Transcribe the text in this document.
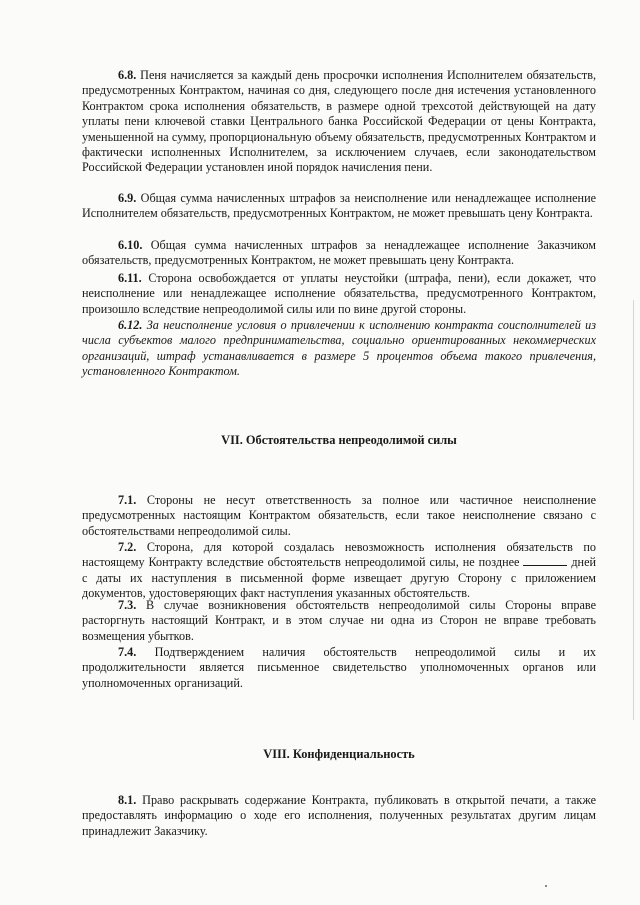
6.8. Пеня начисляется за каждый день просрочки исполнения Исполнителем обязательств, предусмотренных Контрактом, начиная со дня, следующего после дня истечения установленного Контрактом срока исполнения обязательств, в размере одной трехсотой действующей на дату уплаты пени ключевой ставки Центрального банка Российской Федерации от цены Контракта, уменьшенной на сумму, пропорциональную объему обязательств, предусмотренных Контрактом и фактически исполненных Исполнителем, за исключением случаев, если законодательством Российской Федерации установлен иной порядок начисления пени.

6.9. Общая сумма начисленных штрафов за неисполнение или ненадлежащее исполнение Исполнителем обязательств, предусмотренных Контрактом, не может превышать цену Контракта.

6.10. Общая сумма начисленных штрафов за ненадлежащее исполнение Заказчиком обязательств, предусмотренных Контрактом, не может превышать цену Контракта.

6.11. Сторона освобождается от уплаты неустойки (штрафа, пени), если докажет, что неисполнение или ненадлежащее исполнение обязательства, предусмотренного Контрактом, произошло вследствие непреодолимой силы или по вине другой стороны.

6.12. За неисполнение условия о привлечении к исполнению контракта соисполнителей из числа субъектов малого предпринимательства, социально ориентированных некоммерческих организаций, штраф устанавливается в размере 5 процентов объема такого привлечения, установленного Контрактом.

VII. Обстоятельства непреодолимой силы

7.1. Стороны не несут ответственность за полное или частичное неисполнение предусмотренных настоящим Контрактом обязательств, если такое неисполнение связано с обстоятельствами непреодолимой силы.

7.2. Сторона, для которой создалась невозможность исполнения обязательств по настоящему Контракту вследствие обстоятельств непреодолимой силы, не позднее	дней с даты их наступления в письменной форме извещает другую Сторону с приложением документов, удостоверяющих факт наступления указанных обстоятельств.

7.3. В случае возникновения обстоятельств непреодолимой силы Стороны вправе расторгнуть настоящий Контракт, и в этом случае ни одна из Сторон не вправе требовать возмещения убытков.

7.4. Подтверждением наличия обстоятельств непреодолимой силы и их продолжительности является письменное свидетельство уполномоченных органов или уполномоченных организаций.

VIII. Конфиденциальность

8.1. Право раскрывать содержание Контракта, публиковать в открытой печати, а также предоставлять информацию о ходе его исполнения, полученных результатах другим лицам принадлежит Заказчику.
